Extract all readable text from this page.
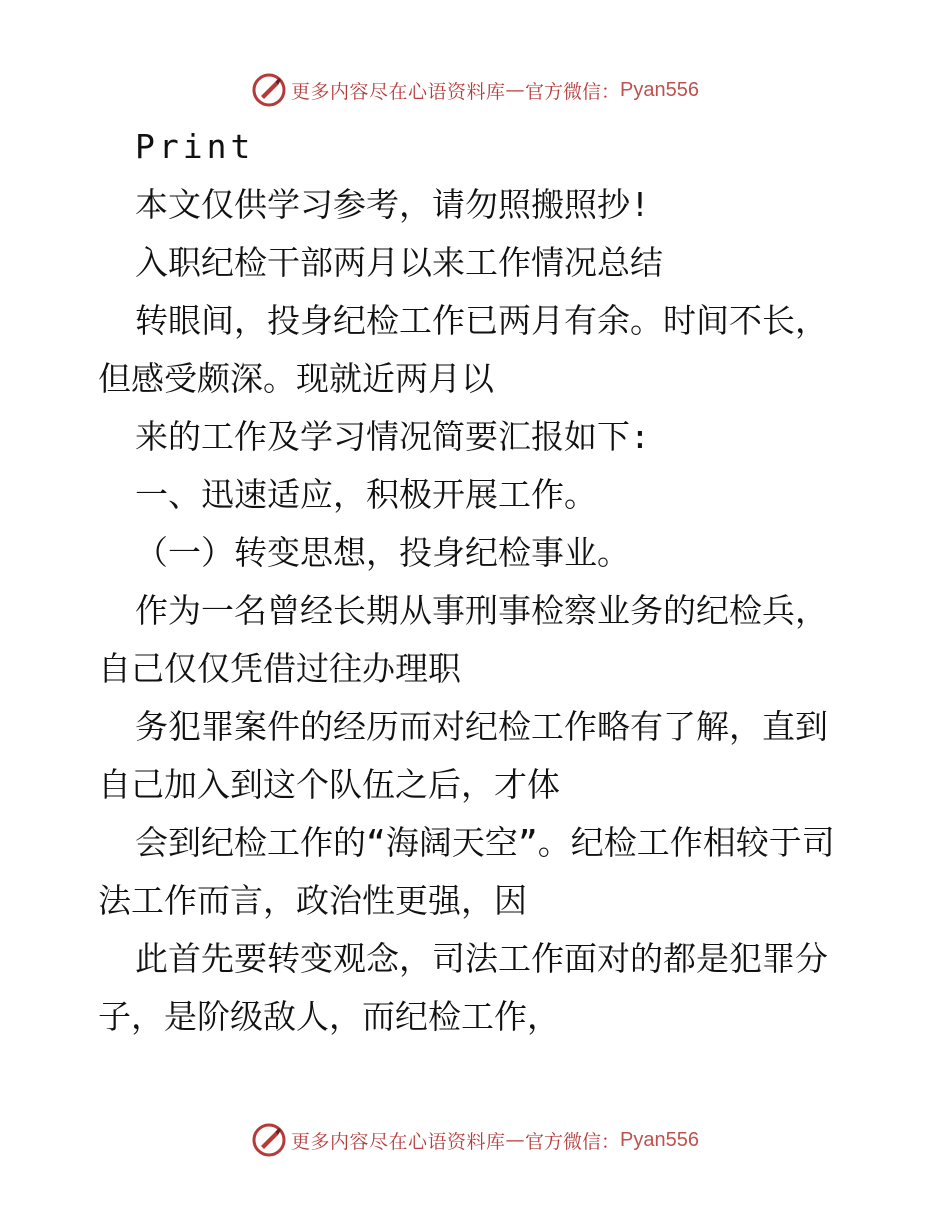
更多内容尽在心语资料库 — 官方微信： Pyan556

Print

本文仅供学习参考，请勿照搬照抄!

入职纪检干部两月以来工作情况总结

转眼间，投身纪检工作已两月有余。时间不长，但感受颇深。现就近两月以

来的工作及学习情况简要汇报如下:

一、迅速适应，积极开展工作。

（一）转变思想，投身纪检事业。

作为一名曾经长期从事刑事检察业务的纪检兵，自己仅仅凭借过往办理职

务犯罪案件的经历而对纪检工作略有了解，直到自己加入到这个队伍之后，才体

会到纪检工作的“海阔天空”。纪检工作相较于司法工作而言，政治性更强，因

此首先要转变观念，司法工作面对的都是犯罪分子，是阶级敌人，而纪检工作，

更多内容尽在心语资料库 — 官方微信： Pyan556
